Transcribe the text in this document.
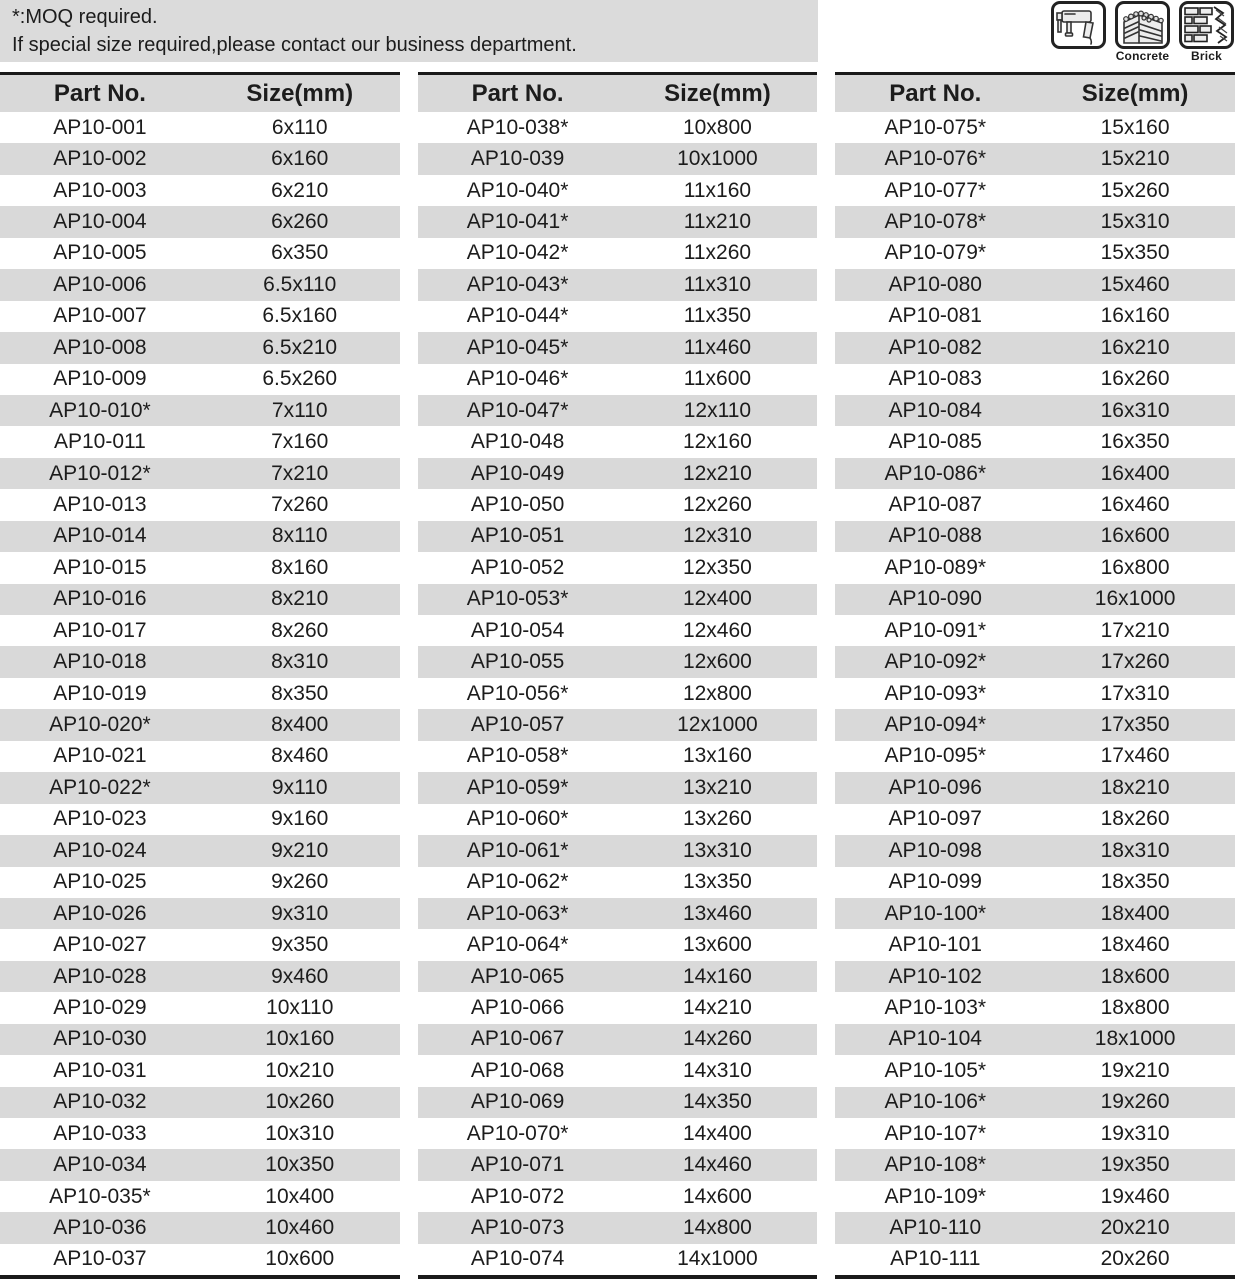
*:MOQ required.
If special size required,please contact our business department.	Concrete Brick
Part No.	Size(mm)
AP10-001	6x110
AP10-002	6x160
AP10-003	6x210
AP10-004	6x260
AP10-005	6x350
AP10-006	6.5x110
AP10-007	6.5x160
AP10-008	6.5x210
AP10-009	6.5x260
AP10-010*	7x110
AP10-011	7x160
AP10-012*	7x210
AP10-013	7x260
AP10-014	8x110
AP10-015	8x160
AP10-016	8x210
AP10-017	8x260
AP10-018	8x310
AP10-019	8x350
AP10-020*	8x400
AP10-021	8x460
AP10-022*	9x110
AP10-023	9x160
AP10-024	9x210
AP10-025	9x260
AP10-026	9x310
AP10-027	9x350
AP10-028	9x460
AP10-029	10x110
AP10-030	10x160
AP10-031	10x210
AP10-032	10x260
AP10-033	10x310
AP10-034	10x350
AP10-035*	10x400
AP10-036	10x460
AP10-037	10x600
Part No.	Size(mm)
AP10-038*	10x800
AP10-039	10x1000
AP10-040*	11x160
AP10-041*	11x210
AP10-042*	11x260
AP10-043*	11x310
AP10-044*	11x350
AP10-045*	11x460
AP10-046*	11x600
AP10-047*	12x110
AP10-048	12x160
AP10-049	12x210
AP10-050	12x260
AP10-051	12x310
AP10-052	12x350
AP10-053*	12x400
AP10-054	12x460
AP10-055	12x600
AP10-056*	12x800
AP10-057	12x1000
AP10-058*	13x160
AP10-059*	13x210
AP10-060*	13x260
AP10-061*	13x310
AP10-062*	13x350
AP10-063*	13x460
AP10-064*	13x600
AP10-065	14x160
AP10-066	14x210
AP10-067	14x260
AP10-068	14x310
AP10-069	14x350
AP10-070*	14x400
AP10-071	14x460
AP10-072	14x600
AP10-073	14x800
AP10-074	14x1000
Part No.	Size(mm)
AP10-075*	15x160
AP10-076*	15x210
AP10-077*	15x260
AP10-078*	15x310
AP10-079*	15x350
AP10-080	15x460
AP10-081	16x160
AP10-082	16x210
AP10-083	16x260
AP10-084	16x310
AP10-085	16x350
AP10-086*	16x400
AP10-087	16x460
AP10-088	16x600
AP10-089*	16x800
AP10-090	16x1000
AP10-091*	17x210
AP10-092*	17x260
AP10-093*	17x310
AP10-094*	17x350
AP10-095*	17x460
AP10-096	18x210
AP10-097	18x260
AP10-098	18x310
AP10-099	18x350
AP10-100*	18x400
AP10-101	18x460
AP10-102	18x600
AP10-103*	18x800
AP10-104	18x1000
AP10-105*	19x210
AP10-106*	19x260
AP10-107*	19x310
AP10-108*	19x350
AP10-109*	19x460
AP10-110	20x210
AP10-111	20x260
